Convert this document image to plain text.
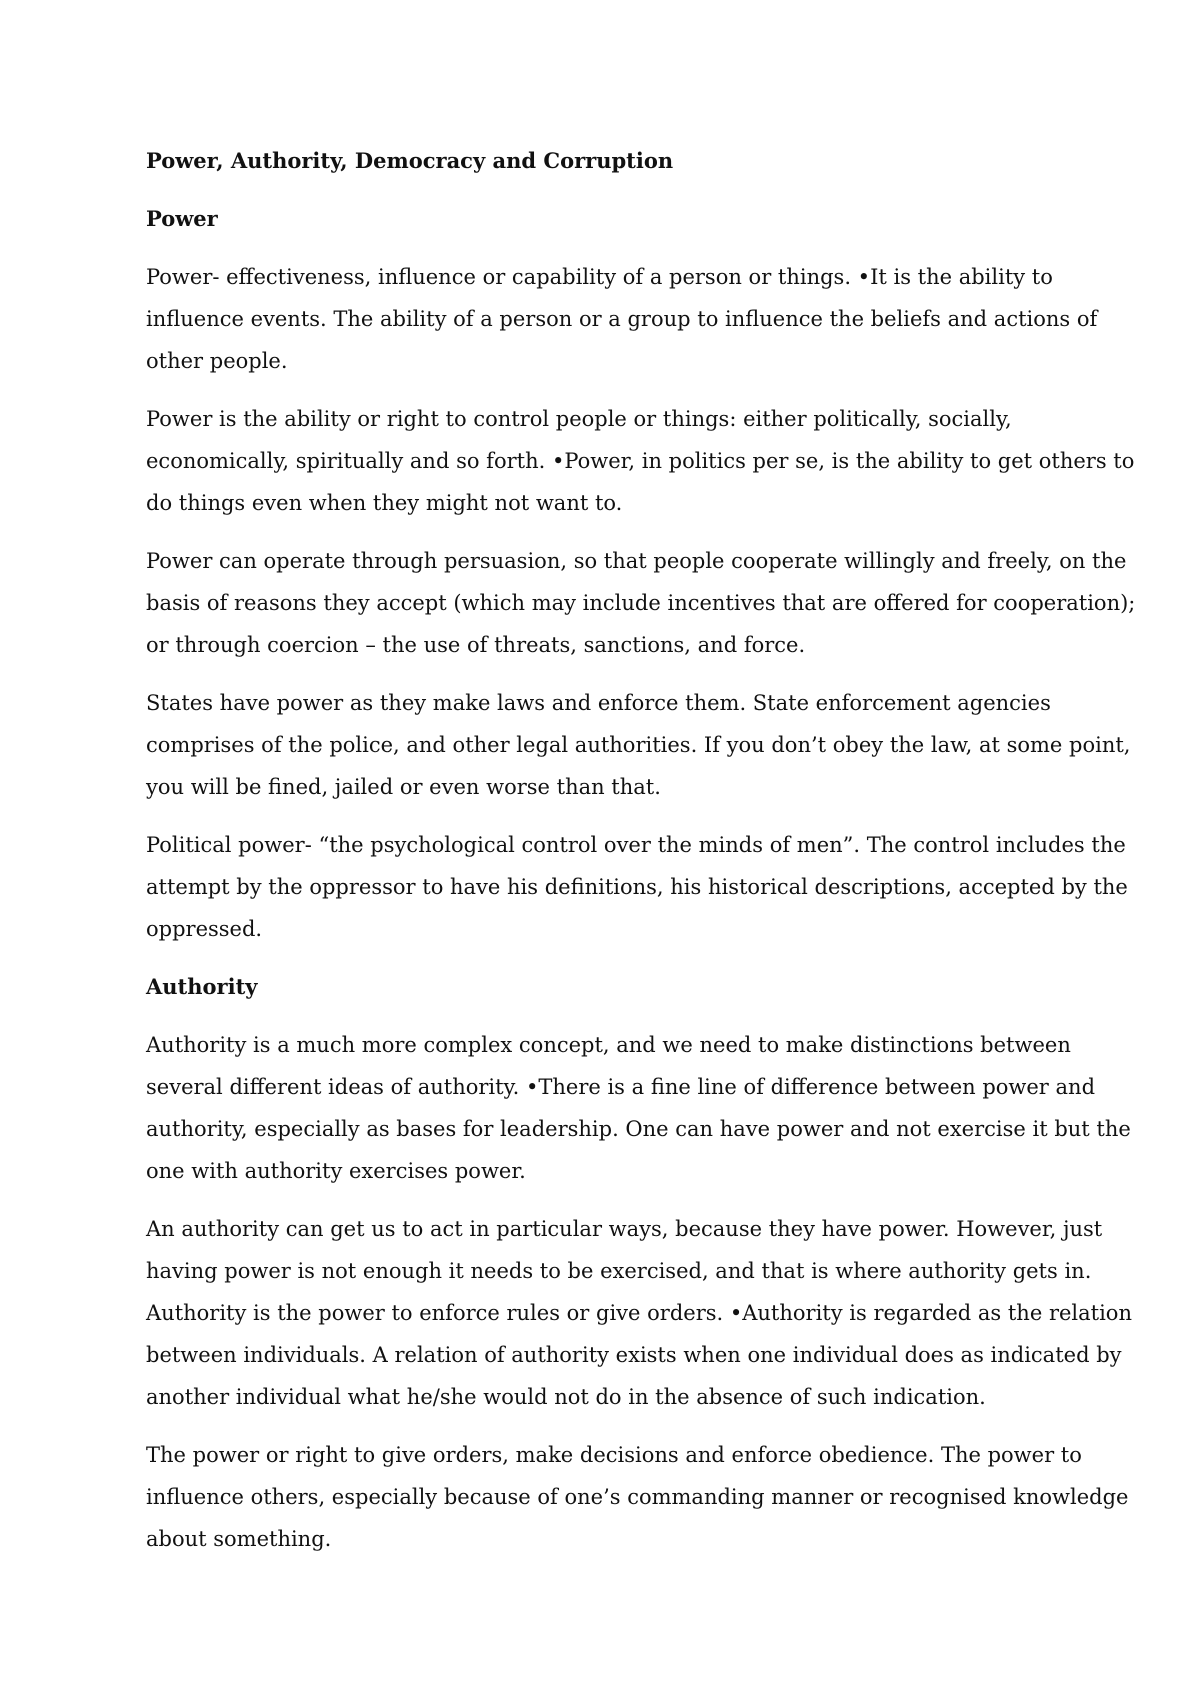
Power, Authority, Democracy and Corruption
Power
Power- effectiveness, influence or capability of a person or things. •It is the ability to
influence events. The ability of a person or a group to influence the beliefs and actions of
other people.
Power is the ability or right to control people or things: either politically, socially,
economically, spiritually and so forth. •Power, in politics per se, is the ability to get others to
do things even when they might not want to.
Power can operate through persuasion, so that people cooperate willingly and freely, on the
basis of reasons they accept (which may include incentives that are offered for cooperation);
or through coercion – the use of threats, sanctions, and force.
States have power as they make laws and enforce them. State enforcement agencies
comprises of the police, and other legal authorities. If you don’t obey the law, at some point,
you will be fined, jailed or even worse than that.
Political power- “the psychological control over the minds of men”. The control includes the
attempt by the oppressor to have his definitions, his historical descriptions, accepted by the
oppressed.
Authority
Authority is a much more complex concept, and we need to make distinctions between
several different ideas of authority. •There is a fine line of difference between power and
authority, especially as bases for leadership. One can have power and not exercise it but the
one with authority exercises power.
An authority can get us to act in particular ways, because they have power. However, just
having power is not enough it needs to be exercised, and that is where authority gets in.
Authority is the power to enforce rules or give orders. •Authority is regarded as the relation
between individuals. A relation of authority exists when one individual does as indicated by
another individual what he/she would not do in the absence of such indication.
The power or right to give orders, make decisions and enforce obedience. The power to
influence others, especially because of one’s commanding manner or recognised knowledge
about something.
